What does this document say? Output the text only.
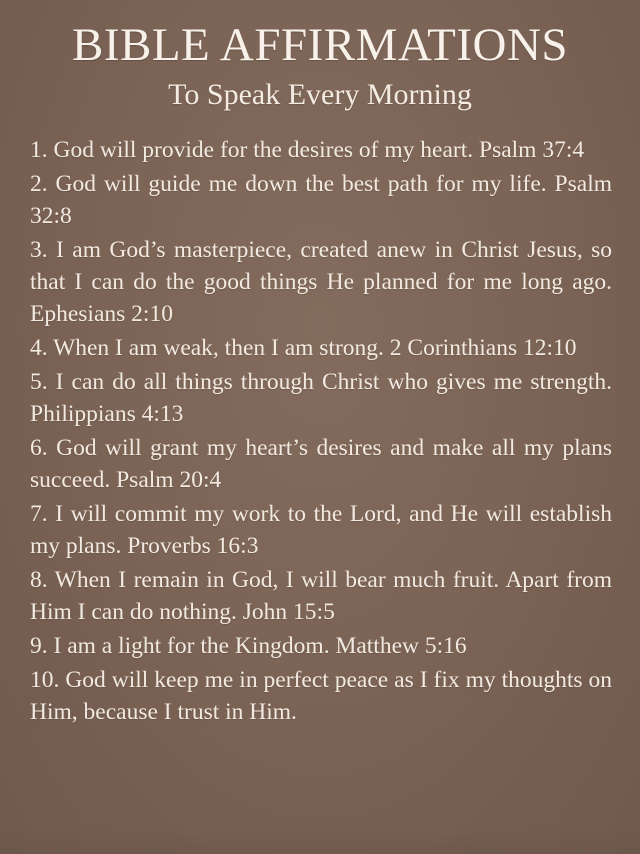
BIBLE AFFIRMATIONS
To Speak Every Morning

1. God will provide for the desires of my heart. Psalm 37:4

2. God will guide me down the best path for my life. Psalm 32:8

3. I am God’s masterpiece, created anew in Christ Jesus, so that I can do the good things He planned for me long ago. Ephesians 2:10

4. When I am weak, then I am strong. 2 Corinthians 12:10

5. I can do all things through Christ who gives me strength. Philippians 4:13

6. God will grant my heart’s desires and make all my plans succeed. Psalm 20:4

7. I will commit my work to the Lord, and He will establish my plans. Proverbs 16:3

8. When I remain in God, I will bear much fruit. Apart from Him I can do nothing. John 15:5

9. I am a light for the Kingdom. Matthew 5:16

10. God will keep me in perfect peace as I fix my thoughts on Him, because I trust in Him.
